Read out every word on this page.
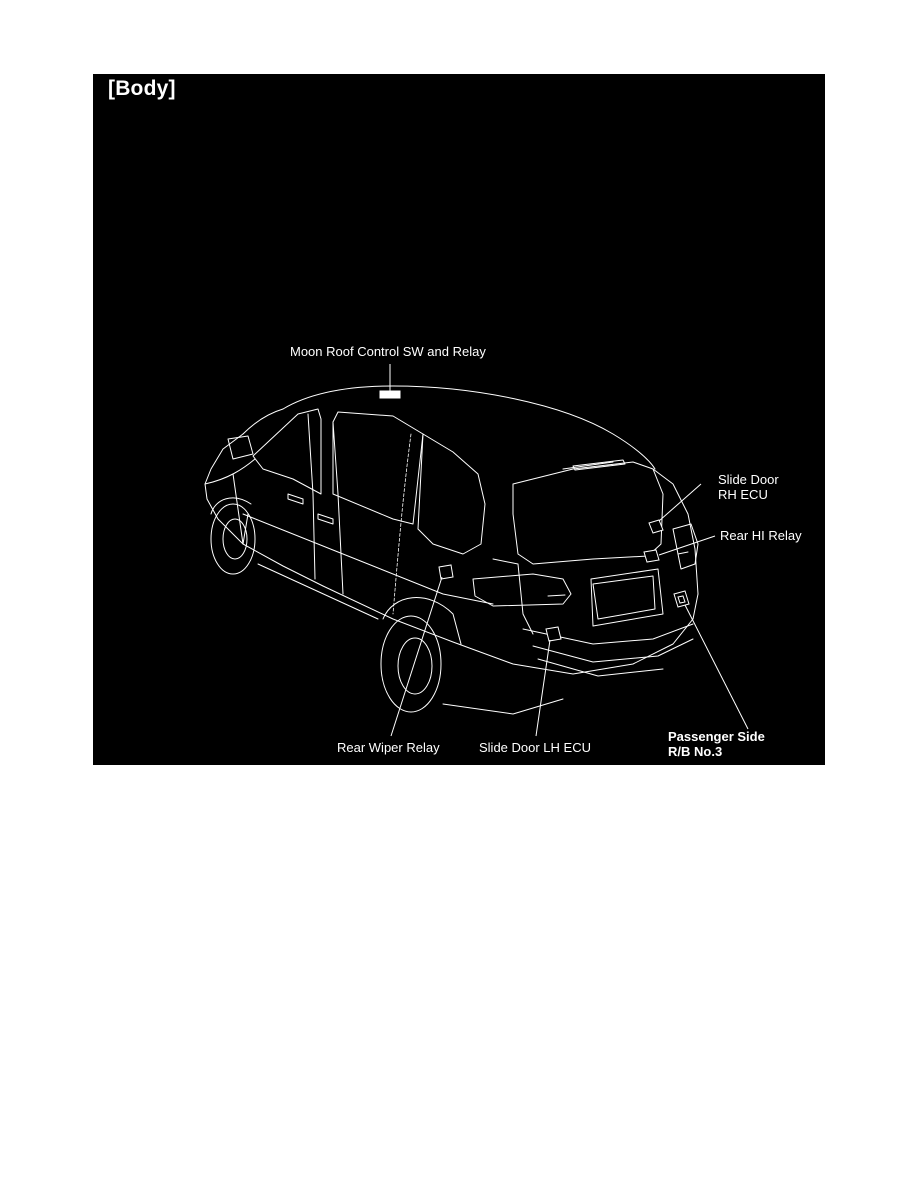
[Body]
Moon Roof Control SW and Relay
Slide Door
RH ECU
Rear HI Relay
Rear Wiper Relay	Slide Door LH ECU
Passenger Side
R/B No.3
